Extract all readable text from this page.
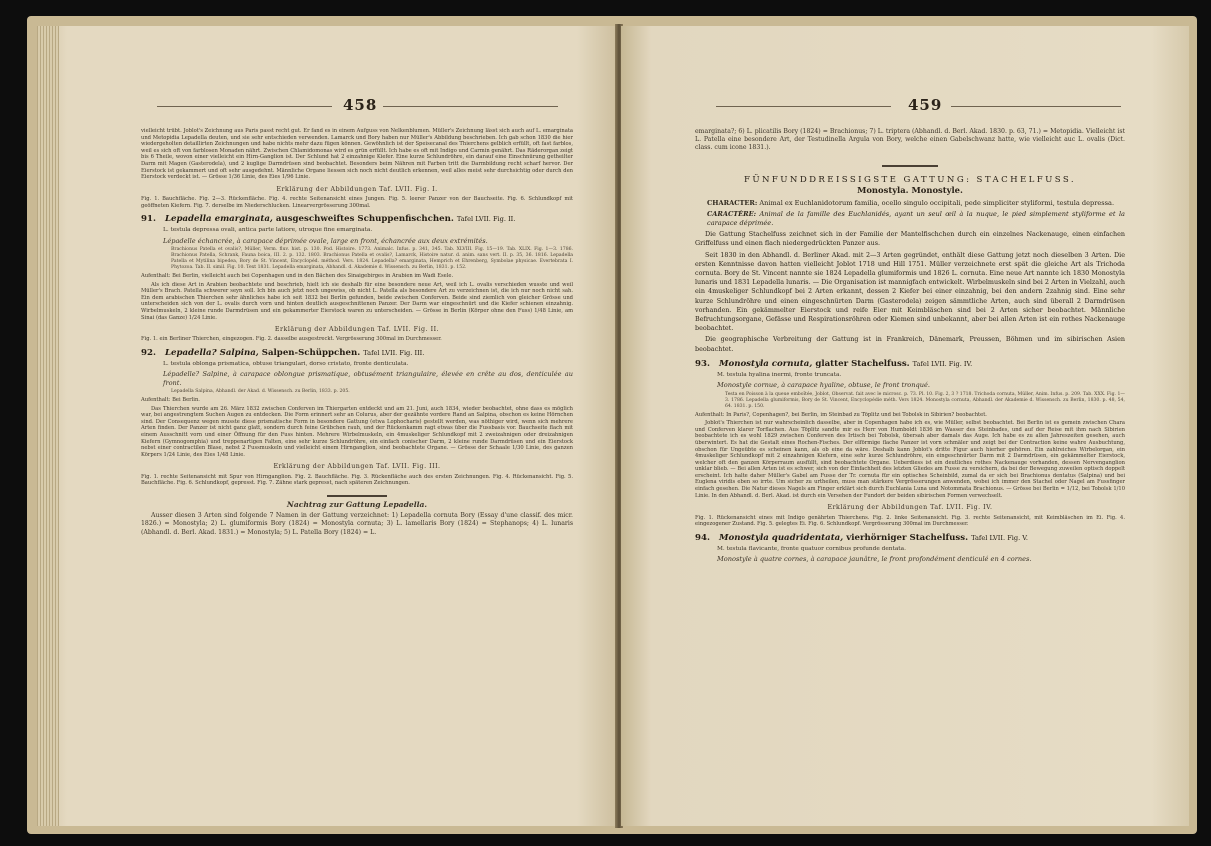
458

vielleicht trübt. Joblot's Zeichnung aus Paris passt recht gut. Er fand es in einem Aufguss von Nelkenblumen. Müller's Zeichnung lässt sich auch auf L. emarginata und Metopidia Lepadella deuten, und sie sehr entschieden verwenden. Lamarck und Bory haben nur Müller's Abbildung beschrieben. Ich gab schon 1830 die hier wiedergeholten detaillirten Zeichnungen und habe nichts mehr dazu fügen können. Gewöhnlich ist der Speisecanal des Thierchens gelblich erfüllt, oft fast farblos, weil es sich oft von farblosen Monaden nährt. Zwischen Chlamidomonas wird es grün erfüllt. Ich habe es oft mit Indigo und Carmin genährt. Das Räderorgan zeigt bis 6 Theile, wovon einer vielleicht ein Hirn-Ganglion ist. Der Schlund hat 2 einzahnige Kiefer. Eine kurze Schlundröhre, ein darauf eine Einschnürung getheilter Darm mit Magen (Gasterodela), und 2 kuglige Darmdrüsen sind beobachtet. Besonders beim Nähren mit Farben tritt die Darmbildung recht scharf hervor. Der Eierstock ist gekammert und oft sehr ausgedehnt. Männliche Organe liessen sich noch nicht deutlich erkennen, weil alles meist sehr durchsichtig oder durch den Eierstock verdeckt ist. — Grösse 1/36 Linie, des Eies 1/96 Linie.

Erklärung der Abbildungen Taf. LVII. Fig. I.

Fig. 1. Bauchfläche. Fig. 2—3. Rückenfläche. Fig. 4. rechte Seitenansicht eines Jungen. Fig. 5. leerer Panzer von der Bauchseite. Fig. 6. Schlundkopf mit geöffneten Kiefern. Fig. 7. derselbe im Niederschlucken. Linearvergrösserung 300mal.

91. Lepadella emarginata, ausgeschweiftes Schuppenfischchen. Tafel LVII. Fig. II.

L. testula depressa ovali, antica parte latiore, utroque fine emarginata.

Lépadelle échancrée, à carapace déprimée ovale, large en front, échancrée aux deux extrémités.

Brachionus Patella et ovalis?, Müller, Verm. fluv. hist. p. 130. Pod. Histoire. 1773. Animalc. Infus. p. 341, 345. Tab. XLVIII. Fig. 15—19. Tab. XLIX. Fig. 1—3. 1786. Brachionus Patella, Schrank, Fauna boica, III. 2. p. 132. 1803. Brachionus Patella et ovalis?, Lamarck, Histoire natur. d. anim. sans vert. II. p. 35, 36. 1816. Lepadella Patella et Mytilina bipedea, Bory de St. Vincent, Encyclopéd. méthod. Vers. 1824. Lepadella? emarginata, Hemprich et Ehrenberg, Symbolae physicae. Evertebrata I. Phytozoa. Tab. II. simil. Fig. 10. Text 1831. Lepadella emarginata, Abhandl. d. Akademie d. Wissensch. zu Berlin, 1831. p. 152.

Aufenthalt: Bei Berlin, vielleicht auch bei Copenhagen und in den Bächen des Sinaigebirges in Arabien im Wadi Esele.

Als ich diese Art in Arabien beobachtete und beschrieb, hielt ich sie deshalb für eine besondere neue Art, weil ich L. ovalis verschieden wusste und weil Müller's Brach. Patella schwerer seyn soll. Ich bin auch jetzt noch ungewiss, ob nicht L. Patella als besondere Art zu verzeichnen ist, die ich nur noch nicht sah. Ein dem arabischen Thierchen sehr ähnliches habe ich seit 1832 bei Berlin gefunden, beide zwischen Conferven. Beide sind ziemlich von gleicher Grösse und unterscheiden sich von der L. ovalis durch vorn und hinten deutlich ausgeschnittenen Panzer. Der Darm war eingeschnürt und die Kiefer schienen einzahnig. Wirbelmuskeln, 2 kleine runde Darmdrüsen und ein gekammerter Eierstock waren zu unterscheiden. — Grösse in Berlin (Körper ohne den Fuss) 1/48 Linie, am Sinai (das Ganze) 1/24 Linie.

Erklärung der Abbildungen Taf. LVII. Fig. II.

Fig. 1. ein Berliner Thierchen, eingezogen. Fig. 2. dasselbe ausgestreckt. Vergrösserung 300mal im Durchmesser.

92. Lepadella? Salpina, Salpen-Schüppchen. Tafel LVII. Fig. III.

L. testula oblonga prismatica, obtuse triangulari, dorso cristato, fronte denticulata.

Lépadelle? Salpine, à carapace oblongue prismatique, obtusément triangulaire, élevée en crête au dos, denticulée au front.

Lepadella Salpina, Abhandl. der Akad. d. Wissensch. zu Berlin, 1833. p. 205.

Aufenthalt: Bei Berlin.

Das Thierchen wurde am 26. März 1832 zwischen Conferven im Thiergarten entdeckt und am 21. Juni, auch 1834, wieder beobachtet, ohne dass es möglich war, bei angestrengtem Suchen Augen zu entdecken. Die Form erinnert sehr an Colurus, aber der gezähnte vordere Rand an Salpina, obschon es keine Hörnchen sind. Der Consequenz wegen musste diese prismatische Form in besondere Gattung (etwa Lophocharis) gestellt werden, was nöthiger wird, wenn sich mehrere Arten finden. Der Panzer ist nicht ganz glatt, sondern durch feine Grübchen rauh, und der Rückenkamm ragt etwas über die Fussbasis vor. Bauchseite flach mit einem Ausschnitt vorn und einer Öffnung für den Fuss hinten. Mehrere Wirbelmuskeln, ein 4muskeliger Schlundkopf mit 2 zweizahnigen oder dreizahnigen Kiefern (Gymnogomphia) und treppenartigen Falten, eine sehr kurze Schlundröhre, ein einfach conischer Darm, 2 kleine runde Darmdrüsen und ein Eierstock nebst einer contractilen Blase, nebst 2 Fussmuskeln und vielleicht einem Hirnganglion, sind beobachtete Organe. — Grösse der Schaale 1/30 Linie, des ganzen Körpers 1/24 Linie, des Eies 1/48 Linie.

Erklärung der Abbildungen Taf. LVII. Fig. III.

Fig. 1. rechte Seitenansicht mit Spur von Hirnganglion. Fig. 2. Bauchfläche. Fig. 3. Rückenfläche auch des ersten Zeichnungen. Fig. 4. Rückenansicht. Fig. 5. Bauchfläche. Fig. 6. Schlundkopf, gepresst. Fig. 7. Zähne stark gepresst, nach späteren Zeichnungen.

Nachtrag zur Gattung Lepadella.

Ausser diesen 3 Arten sind folgende 7 Namen in der Gattung verzeichnet: 1) Lepadella cornuta Bory (Essay d'une classif. des micr. 1826.) = Monostyla; 2) L. glumiformis Bory (1824) = Monostyla cornuta; 3) L. lamellaris Bory (1824) = Stephanops; 4) L. lunaris (Abhandl. d. Berl. Akad. 1831.) = Monostyla; 5) L. Patella Bory (1824) = L.

459

emarginata?; 6) L. plicatilis Bory (1824) = Brachionus; 7) L. triptera (Abhandl. d. Berl. Akad. 1830. p. 63, 71.) = Metopidia. Vielleicht ist L. Patella eine besondere Art, der Testudinella Argula von Bory, welche einen Gabelschwanz hatte, wie vielleicht auc L. ovalis (Dict. class. cum icone 1831.).

FÜNFUNDDREISSIGSTE GATTUNG: STACHELFUSS.
Monostyla. Monostyle.

CHARACTER: Animal ex Euchlanidotorum familia, ocello singulo occipitali, pede simpliciter styliformi, testula depressa.

CARACTÈRE: Animal de la famille des Euchlanidés, ayant un seul œil à la nuque, le pied simplement styliforme et la carapace déprimée.

Die Gattung Stachelfuss zeichnet sich in der Familie der Mantelfischchen durch ein einzelnes Nackenauge, einen einfachen Griffelfuss und einen flach niedergedrückten Panzer aus.

Seit 1830 in den Abhandl. d. Berliner Akad. mit 2—3 Arten gegründet, enthält diese Gattung jetzt noch dieselben 3 Arten. Die ersten Kenntnisse davon hatten vielleicht Joblot 1718 und Hill 1751. Müller verzeichnete erst spät die gleiche Art als Trichoda cornuta. Bory de St. Vincent nannte sie 1824 Lepadella glumiformis und 1826 L. cornuta. Eine neue Art nannte ich 1830 Monostyla lunaris und 1831 Lepadella lunaris. — Die Organisation ist mannigfach entwickelt. Wirbelmuskeln sind bei 2 Arten in Vielzahl, auch ein 4muskeliger Schlundkopf bei 2 Arten erkannt, dessen 2 Kiefer bei einer einzahnig, bei den andern 2zahnig sind. Eine sehr kurze Schlundröhre und einen eingeschnürten Darm (Gasterodela) zeigen sämmtliche Arten, auch sind überall 2 Darmdrüsen vorhanden. Ein gekämmelter Eierstock und reife Eier mit Keimbläschen sind bei 2 Arten sicher beobachtet. Männliche Befruchtungsorgane, Gefässe und Respirationsröhren oder Kiemen sind unbekannt, aber bei allen Arten ist ein rothes Nackenauge beobachtet.

Die geographische Verbreitung der Gattung ist in Frankreich, Dänemark, Preussen, Böhmen und im sibirischen Asien beobachtet.

93. Monostyla cornuta, glatter Stachelfuss. Tafel LVII. Fig. IV.

M. testula hyalina inermi, fronte truncata.

Monostyle cornue, à carapace hyaline, obtuse, le front tronqué.

Testa en Poisson à la queue emboîtée, Joblot, Observat. fait avec le microsc. p. 73. Pl. 10. Fig. 2, 3 ? 1718. Trichoda cornuta, Müller, Anim. Infus. p. 209. Tab. XXX. Fig. 1—3. 1786. Lepadella glumiformis, Bory de St. Vincent, Encyclopédie méth. Vers 1824. Monostyla cornuta, Abhandl. der Akademie d. Wissensch. zu Berlin, 1830. p. 48, 54, 64. 1831. p. 150.

Aufenthalt: In Paris?, Copenhagen?, bei Berlin, im Steinbad zu Töplitz und bei Tobolsk in Sibirien? beobachtet.

Joblot's Thierchen ist nur wahrscheinlich dasselbe, aber in Copenhagen habe ich es, wie Müller, selbst beobachtet. Bei Berlin ist es gemein zwischen Chara und Conferven klarer Torflachen. Aus Töplitz sandte mir es Herr von Humboldt 1836 im Wasser des Steinbades, und auf der Reise mit ihm nach Sibirien beobachtete ich es wohl 1829 zwischen Conferven des Irtisch bei Tobolsk, übersah aber damals das Auge. Ich habe es zu allen Jahreszeiten gesehen, auch überwintert. Es hat die Gestalt eines Rochen-Fisches. Der elförmige flache Panzer ist vorn schmäler und zeigt bei der Contraction keine wahre Ausbuchtung, obschon für Ungeübte es scheinen kann, als ob eine da wäre. Deshalb kann Joblot's dritte Figur auch hierher gehören. Ein zahlreiches Wirbelorgan, ein 4muskeliger Schlundkopf mit 2 einzahnigen Kiefern, eine sehr kurze Schlundröhre, ein eingeschnürter Darm mit 2 Darmdrüsen, ein gekämmelter Eierstock, welcher oft den ganzen Körperraum ausfüllt, sind beobachtete Organe. Ueberdiess ist ein deutliches rothes Nackenauge vorhanden, dessen Nervenganglion unklar blieb. — Bei allen Arten ist es schwer, sich von der Einfachheit des letzten Gliedes am Fusse zu versichern, da bei der Bewegung zuweilen optisch doppelt erscheint. Ich halte daher Müller's Gabel am Fusse der Tr. cornuta für ein optisches Scheinbild, zumal da er sich bei Brachionus dentatus (Salpina) und bei Euglena viridis eben so irrte. Um sicher zu urtheilen, muss man stärkere Vergrösserungen anwenden, wobei ich immer den Stachel oder Nagel am Fussfinger einfach gesehen. Die Natur dieses Nagels am Finger erklärt sich durch Euchlania Luna und Notommata Brachionus. — Grösse bei Berlin = 1/12, bei Tobolsk 1/10 Linie. In den Abhandl. d. Berl. Akad. ist durch ein Versehen der Fundort der beiden sibirischen Formen verwechselt.

Erklärung der Abbildungen Taf. LVII. Fig. IV.

Fig. 1. Rückenansicht eines mit Indigo genährten Thierchens. Fig. 2. linke Seitenansicht. Fig. 3. rechte Seitenansicht, mit Keimbläschen im Ei. Fig. 4. eingezogener Zustand. Fig. 5. gelegtes Ei. Fig. 6. Schlundkopf. Vergrösserung 300mal im Durchmesser.

94. Monostyla quadridentata, vierhörniger Stachelfuss. Tafel LVII. Fig. V.

M. testula flavicante, fronte quatuor cornibus profunde dentata.

Monostyle à quatre cornes, à carapace jaunâtre, le front profondément denticulé en 4 cornes.
